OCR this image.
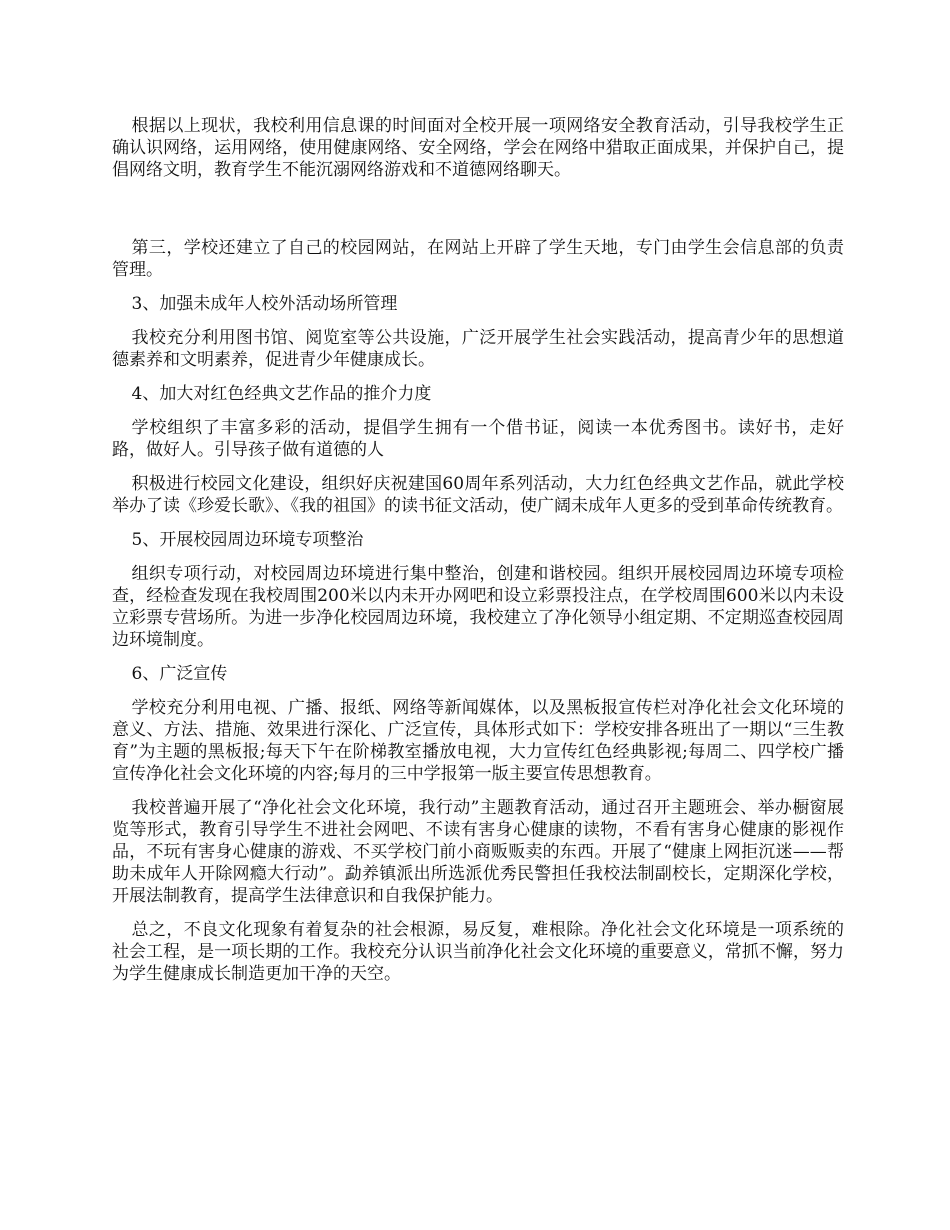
根据以上现状，我校利用信息课的时间面对全校开展一项网络安全教育活动，引导我校学生正确认识网络，运用网络，使用健康网络、安全网络，学会在网络中猎取正面成果，并保护自己，提倡网络文明，教育学生不能沉溺网络游戏和不道德网络聊天。

第三，学校还建立了自己的校园网站，在网站上开辟了学生天地，专门由学生会信息部的负责管理。

3、加强未成年人校外活动场所管理

我校充分利用图书馆、阅览室等公共设施，广泛开展学生社会实践活动，提高青少年的思想道德素养和文明素养，促进青少年健康成长。

4、加大对红色经典文艺作品的推介力度

学校组织了丰富多彩的活动，提倡学生拥有一个借书证，阅读一本优秀图书。读好书，走好路，做好人。引导孩子做有道德的人

积极进行校园文化建设，组织好庆祝建国60周年系列活动，大力红色经典文艺作品，就此学校举办了读《珍爱长歌》、《我的祖国》的读书征文活动，使广阔未成年人更多的受到革命传统教育。

5、开展校园周边环境专项整治

组织专项行动，对校园周边环境进行集中整治，创建和谐校园。组织开展校园周边环境专项检查，经检查发现在我校周围200米以内未开办网吧和设立彩票投注点，在学校周围600米以内未设立彩票专营场所。为进一步净化校园周边环境，我校建立了净化领导小组定期、不定期巡查校园周边环境制度。

6、广泛宣传

学校充分利用电视、广播、报纸、网络等新闻媒体，以及黑板报宣传栏对净化社会文化环境的意义、方法、措施、效果进行深化、广泛宣传，具体形式如下：学校安排各班出了一期以“三生教育”为主题的黑板报;每天下午在阶梯教室播放电视，大力宣传红色经典影视;每周二、四学校广播宣传净化社会文化环境的内容;每月的三中学报第一版主要宣传思想教育。

我校普遍开展了“净化社会文化环境，我行动”主题教育活动，通过召开主题班会、举办橱窗展览等形式，教育引导学生不进社会网吧、不读有害身心健康的读物，不看有害身心健康的影视作品，不玩有害身心健康的游戏、不买学校门前小商贩贩卖的东西。开展了“健康上网拒沉迷——帮助未成年人开除网瘾大行动”。勐养镇派出所选派优秀民警担任我校法制副校长，定期深化学校，开展法制教育，提高学生法律意识和自我保护能力。

总之，不良文化现象有着复杂的社会根源，易反复，难根除。净化社会文化环境是一项系统的社会工程，是一项长期的工作。我校充分认识当前净化社会文化环境的重要意义，常抓不懈，努力为学生健康成长制造更加干净的天空。
